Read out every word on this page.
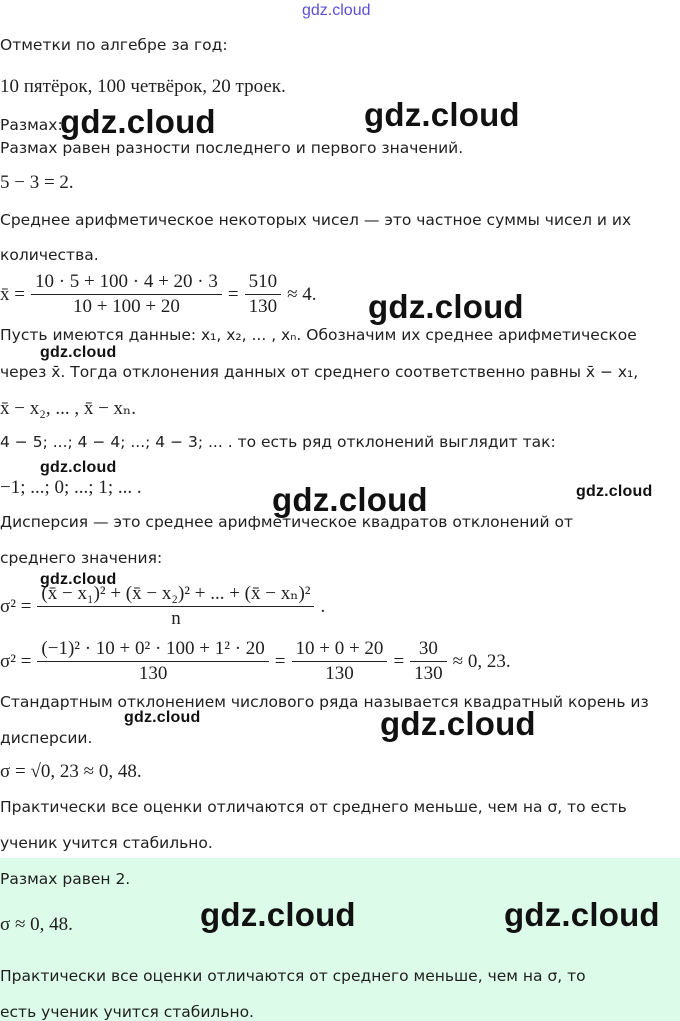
gdz.cloud
Отметки по алгебре за год:
10 пятёрок, 100 четвёрок, 20 троек.
Размах:
Размах равен разности последнего и первого значений.
5 − 3 = 2.
Среднее арифметическое некоторых чисел — это частное суммы чисел и их
количества.
x̄ = $\frac{10 \cdot 5 + 100 \cdot 4 + 20 \cdot 3}{10 + 100 + 20} = \frac{510}{130} \approx 4$.
Пусть имеются данные: x₁, x₂, ... , xₙ. Обозначим их среднее арифметическое
через x̄. Тогда отклонения данных от среднего соответственно равны x̄ − x₁,
x̄ − x₂, ... , x̄ − xₙ.
4 − 5; ...; 4 − 4; ...; 4 − 3; ... . то есть ряд отклонений выглядит так:
−1; ...; 0; ...; 1; ... .
Дисперсия — это среднее арифметическое квадратов отклонений от
среднего значения:
$\sigma^2 = \frac{\text{(x̄ − x₁)² + (x̄ − x₂)² + ... + (x̄ − xₙ)²}}{n}$ .
$\sigma^2 = \frac{\text{(−1)² · 10 + 0² · 100 + 1² · 20}}{130} = \frac{10 + 0 + 20}{130} = \frac{30}{130} \approx 0$, 23.
Стандартным отклонением числового ряда называется квадратный корень из
дисперсии.
σ = √0, 23 ≈ 0, 48.
Практически все оценки отличаются от среднего меньше, чем на σ, то есть
ученик учится стабильно.
Размах равен 2.
σ ≈ 0, 48.
Практически все оценки отличаются от среднего меньше, чем на σ, то
есть ученик учится стабильно.
gdz.cloud	gdz.cloud
gdz.cloud
gdz.cloud
gdz.cloud
gdz.cloud	gdz.cloud
gdz.cloud
gdz.cloud	gdz.cloud
gdz.cloud	gdz.cloud
